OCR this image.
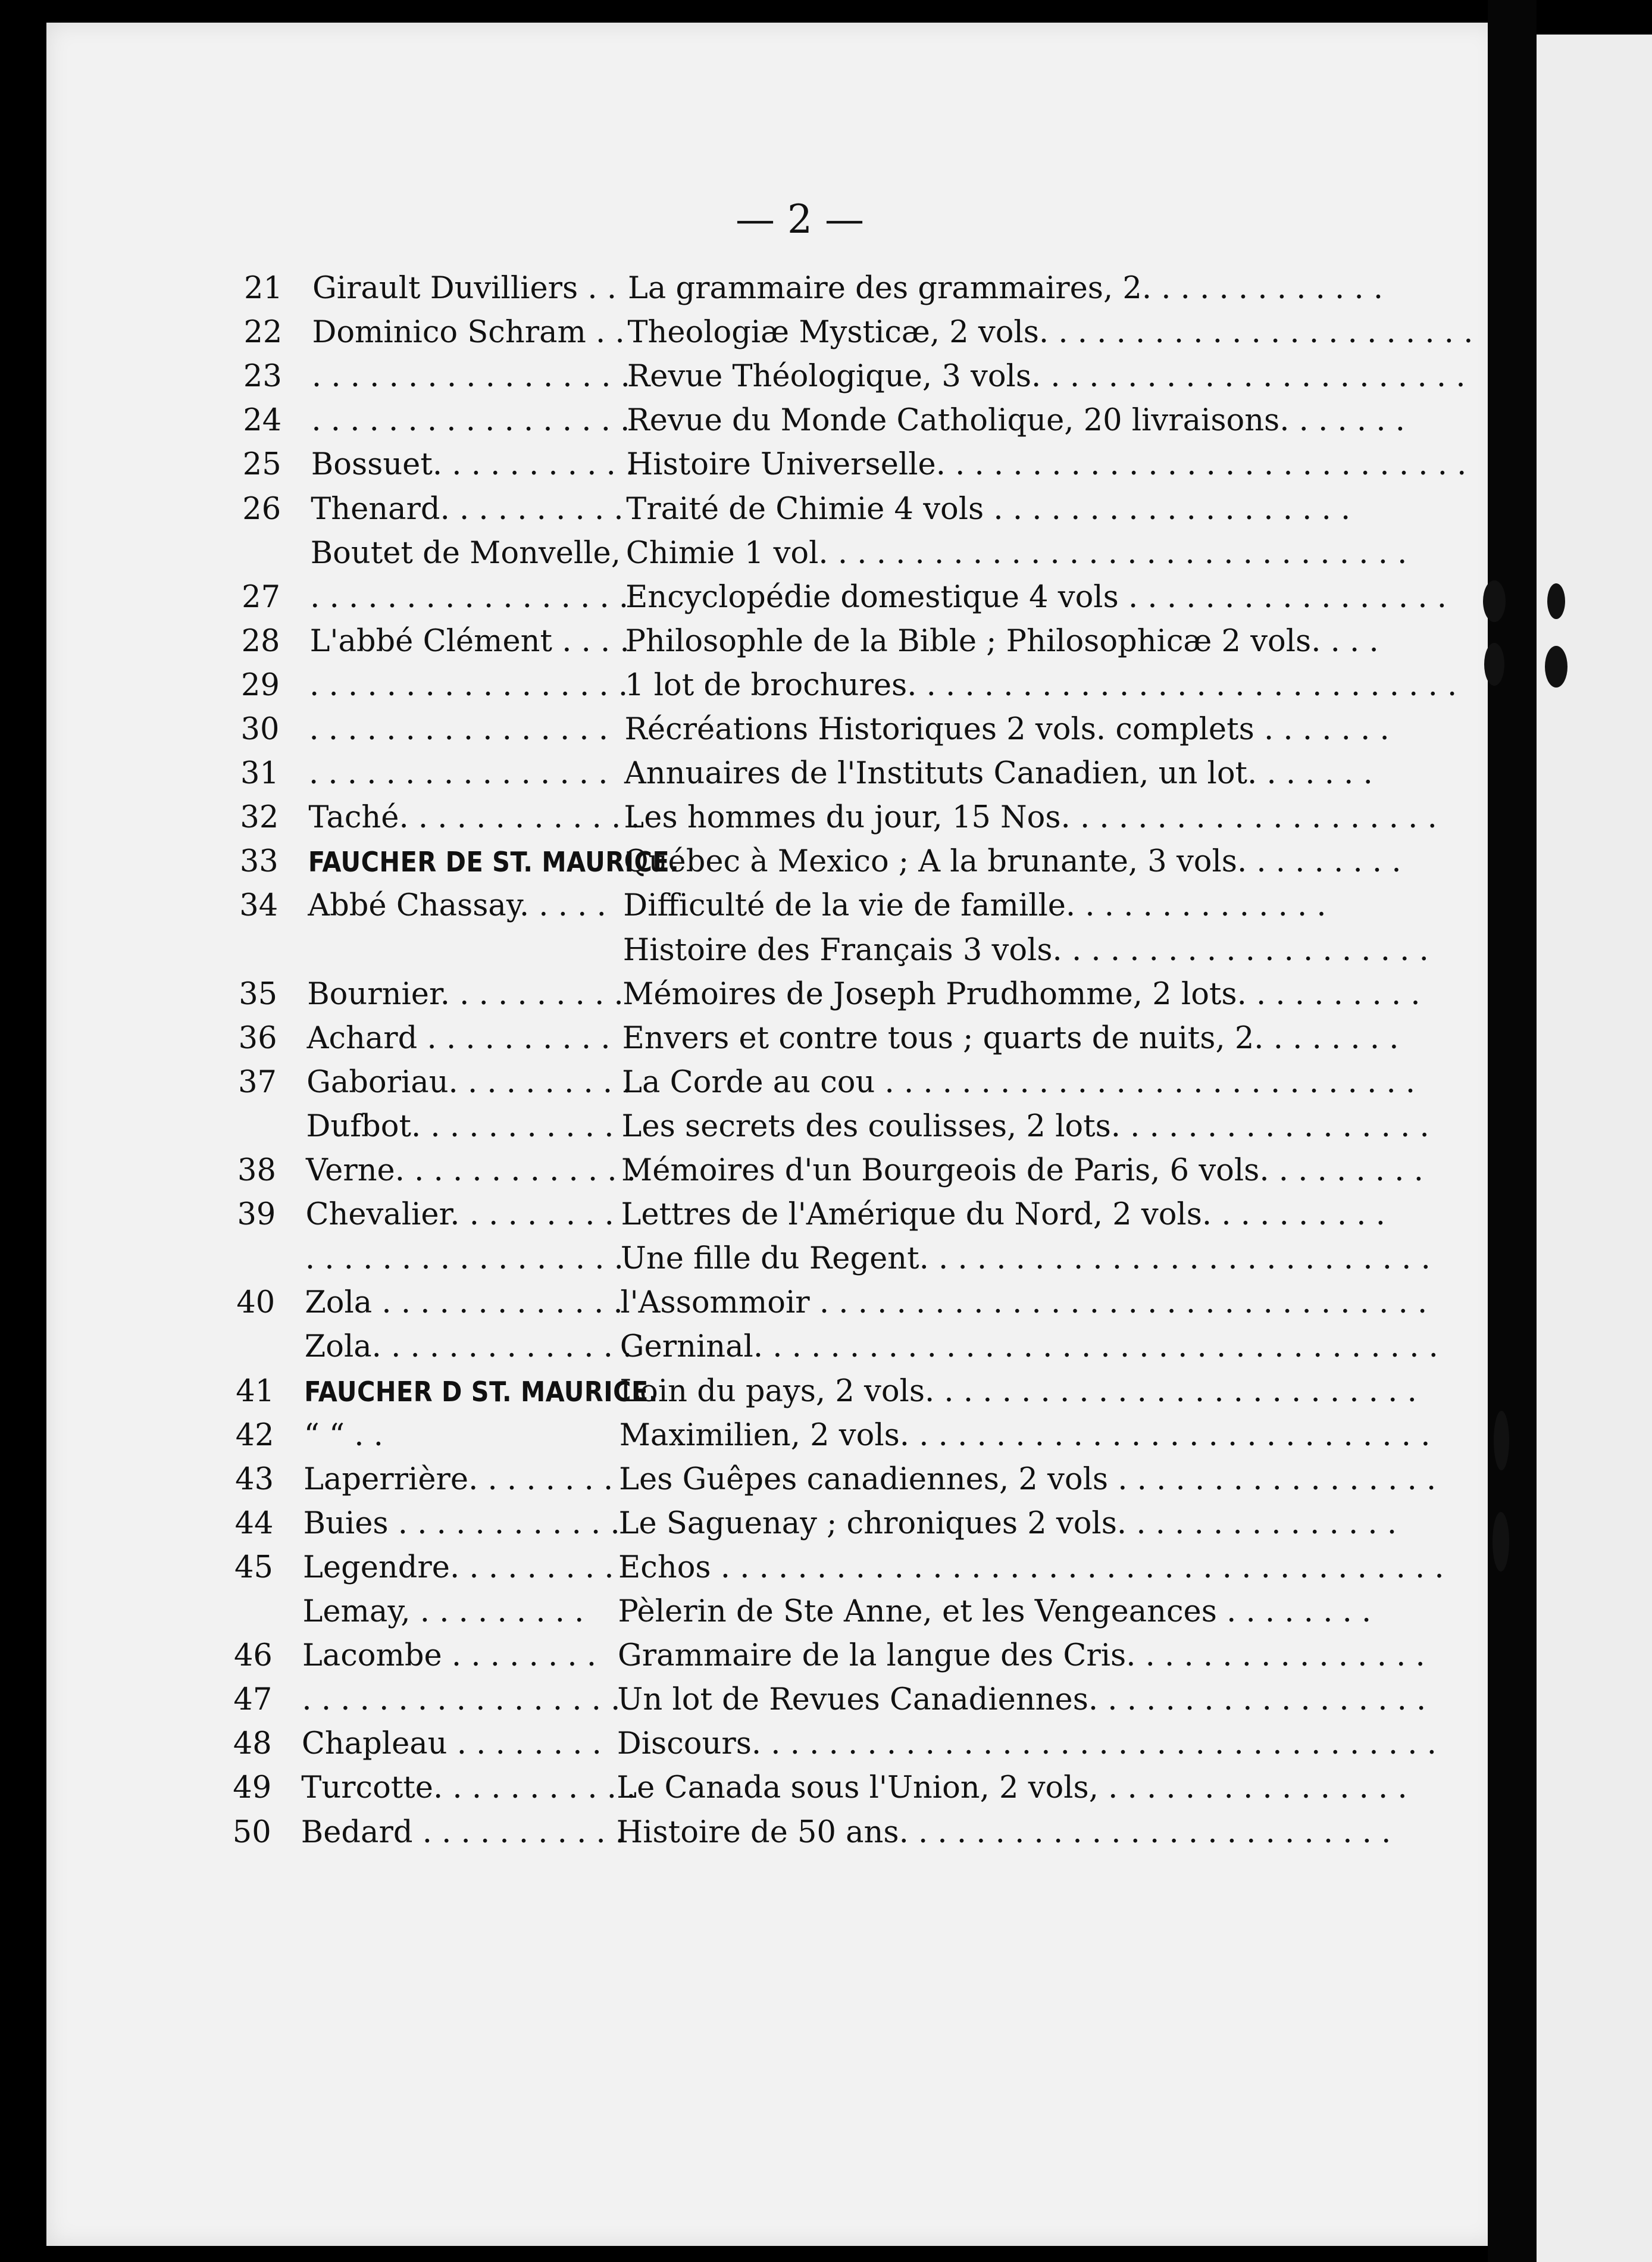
— 2 —
21 Girault Duvilliers . . La grammaire des grammaires, 2. . . . . . . . . . . . .
22 Dominico Schram . . Theologiæ Mysticæ, 2 vols. . . . . . . . . . . . . . . . . . . . . . .
23 . . . . . . . . . . . . . . . . .
Revue Théologique, 3 vols. . . . . . . . . . . . . . . . . . . . . . .
24 . . . . . . . . . . . . . . . . .
Revue du Monde Catholique, 20 livraisons. . . . . . .
25 Bossuet. . . . . . . . . . .
Histoire Universelle. . . . . . . . . . . . . . . . . . . . . . . . . . . .
26 Thenard. . . . . . . . . . Traité de Chimie 4 vols . . . . . . . . . . . . . . . . . . .
Boutet de Monvelle, Chimie 1 vol. . . . . . . . . . . . . . . . . . . . . . . . . . . . . . .
27 . . . . . . . . . . . . . . . . .
Encyclopédie domestique 4 vols . . . . . . . . . . . . . . . . .
28 L'abbé Clément . . . .
Philosophle de la Bible ; Philosophicæ 2 vols. . . .
29 . . . . . . . . . . . . . . . . .
1 lot de brochures. . . . . . . . . . . . . . . . . . . . . . . . . . . . .
30 . . . . . . . . . . . . . . . . Récréations Historiques 2 vols. complets . . . . . . .
31 . . . . . . . . . . . . . . . . Annuaires de l'Instituts Canadien, un lot. . . . . . .
32 Taché. . . . . . . . . . . . .
Les hommes du jour, 15 Nos. . . . . . . . . . . . . . . . . . . .
33 FAUCHER DE ST. MAURICE.
Québec à Mexico ; A la brunante, 3 vols. . . . . . . . .
34 Abbé Chassay. . . . . Difficulté de la vie de famille. . . . . . . . . . . . . .
Histoire des Français 3 vols. . . . . . . . . . . . . . . . . . . .
35 Bournier. . . . . . . . . .
Mémoires de Joseph Prudhomme, 2 lots. . . . . . . . . .
36 Achard . . . . . . . . . . Envers et contre tous ; quarts de nuits, 2. . . . . . . .
37 Gaboriau. . . . . . . . . .
La Corde au cou . . . . . . . . . . . . . . . . . . . . . . . . . . . .
Dufbot. . . . . . . . . . . Les secrets des coulisses, 2 lots. . . . . . . . . . . . . . . . .
38 Verne. . . . . . . . . . . . .
Mémoires d'un Bourgeois de Paris, 6 vols. . . . . . . . .
39 Chevalier. . . . . . . . . Lettres de l'Amérique du Nord, 2 vols. . . . . . . . . .
. . . . . . . . . . . . . . . . .
Une fille du Regent. . . . . . . . . . . . . . . . . . . . . . . . . . .
40 Zola . . . . . . . . . . . . .
l'Assommoir . . . . . . . . . . . . . . . . . . . . . . . . . . . . . . . .
Zola. . . . . . . . . . . . . .
Gerninal. . . . . . . . . . . . . . . . . . . . . . . . . . . . . . . . . . . .
41 FAUCHER D ST. MAURICE.
Loin du pays, 2 vols. . . . . . . . . . . . . . . . . . . . . . . . . .
42 “ “ . .	Maximilien, 2 vols. . . . . . . . . . . . . . . . . . . . . . . . . . . .
43 Laperrière. . . . . . . . Les Guêpes canadiennes, 2 vols . . . . . . . . . . . . . . . . .
44 Buies . . . . . . . . . . . .
Le Saguenay ; chroniques 2 vols. . . . . . . . . . . . . . .
45 Legendre. . . . . . . . . Echos . . . . . . . . . . . . . . . . . . . . . . . . . . . . . . . . . . . . . .
Lemay, . . . . . . . . .	Pèlerin de Ste Anne, et les Vengeances . . . . . . . .
46 Lacombe . . . . . . . . Grammaire de la langue des Cris. . . . . . . . . . . . . . . .
47 . . . . . . . . . . . . . . . . .
Un lot de Revues Canadiennes. . . . . . . . . . . . . . . . . .
48 Chapleau . . . . . . . . Discours. . . . . . . . . . . . . . . . . . . . . . . . . . . . . . . . . . . .
49 Turcotte. . . . . . . . . . .
Le Canada sous l'Union, 2 vols, . . . . . . . . . . . . . . . .
50 Bedard . . . . . . . . . . .
Histoire de 50 ans. . . . . . . . . . . . . . . . . . . . . . . . . .
